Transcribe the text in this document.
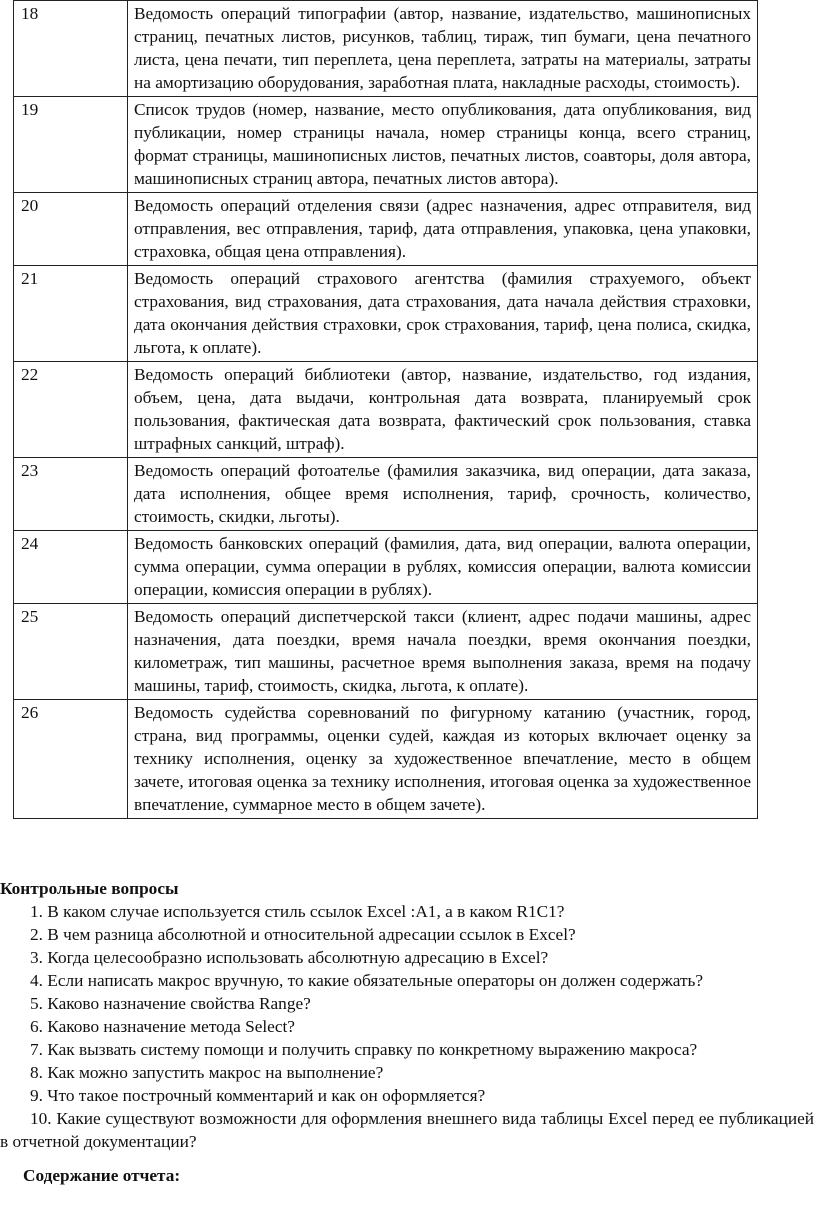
18	Ведомость операций типографии (автор, название, издательство, машинописных страниц, печатных листов, рисунков, таблиц, тираж, тип бумаги, цена печатного листа, цена печати, тип переплета, цена переплета, затраты на материалы, затраты на амортизацию оборудования, заработная плата, накладные расходы, стоимость).
19	Список трудов (номер, название, место опубликования, дата опубликования, вид публикации, номер страницы начала, номер страницы конца, всего страниц, формат страницы, машинописных листов, печатных листов, соавторы, доля автора, машинописных страниц автора, печатных листов автора).
20	Ведомость операций отделения связи (адрес назначения, адрес отправителя, вид отправления, вес отправления, тариф, дата отправления, упаковка, цена упаковки, страховка, общая цена отправления).
21	Ведомость операций страхового агентства (фамилия страхуемого, объект страхования, вид страхования, дата страхования, дата начала действия страховки, дата окончания действия страховки, срок страхования, тариф, цена полиса, скидка, льгота, к оплате).
22	Ведомость операций библиотеки (автор, название, издательство, год издания, объем, цена, дата выдачи, контрольная дата возврата, планируемый срок пользования, фактическая дата возврата, фактический срок пользования, ставка штрафных санкций, штраф).
23	Ведомость операций фотоателье (фамилия заказчика, вид операции, дата заказа, дата исполнения, общее время исполнения, тариф, срочность, количество, стоимость, скидки, льготы).
24	Ведомость банковских операций (фамилия, дата, вид операции, валюта операции, сумма операции, сумма операции в рублях, комиссия операции, валюта комиссии операции, комиссия операции в рублях).
25	Ведомость операций диспетчерской такси (клиент, адрес подачи машины, адрес назначения, дата поездки, время начала поездки, время окончания поездки, километраж, тип машины, расчетное время выполнения заказа, время на подачу машины, тариф, стоимость, скидка, льгота, к оплате).
26	Ведомость судейства соревнований по фигурному катанию (участник, город, страна, вид программы, оценки судей, каждая из которых включает оценку за технику исполнения, оценку за художественное впечатление, место в общем зачете, итоговая оценка за технику исполнения, итоговая оценка за художественное впечатление, суммарное место в общем зачете).
Контрольные вопросы
1. В каком случае используется стиль ссылок Excel :A1, а в каком R1C1?
2. В чем разница абсолютной и относительной адресации ссылок в Excel?
3. Когда целесообразно использовать абсолютную адресацию в Excel?
4. Если написать макрос вручную, то какие обязательные операторы он должен содержать?
5. Каково назначение свойства Range?
6. Каково назначение метода Select?
7. Как вызвать систему помощи и получить справку по конкретному выражению макроса?
8. Как можно запустить макрос на выполнение?
9. Что такое построчный комментарий и как он оформляется?
10. Какие существуют возможности для оформления внешнего вида таблицы Excel перед ее публикацией в отчетной документации?
Содержание отчета:
